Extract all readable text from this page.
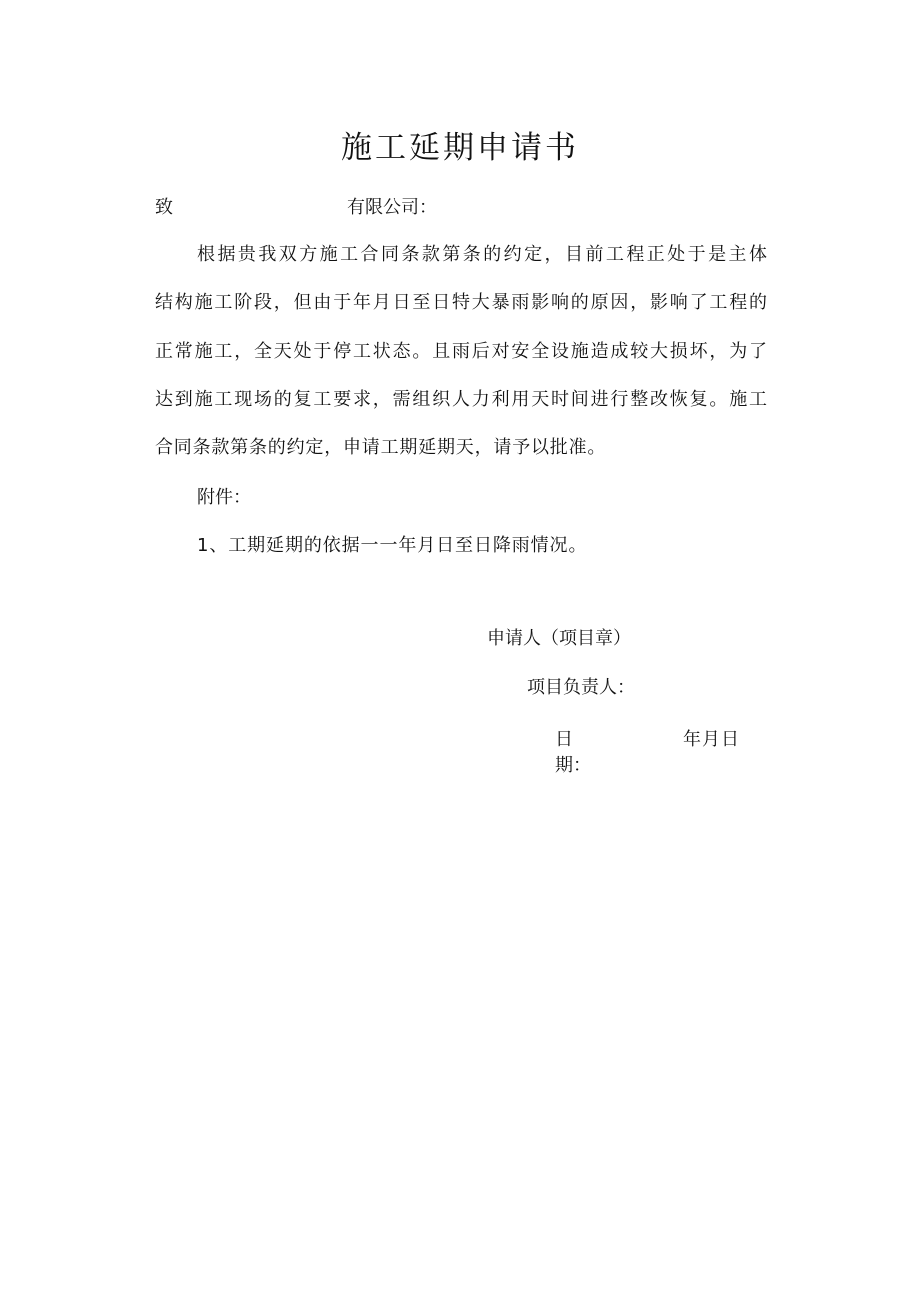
施工延期申请书
致	有限公司：
根据贵我双方施工合同条款第条的约定，目前工程正处于是主体
结构施工阶段，但由于年月日至日特大暴雨影响的原因，影响了工程的
正常施工，全天处于停工状态。且雨后对安全设施造成较大损坏，为了
达到施工现场的复工要求，需组织人力利用天时间进行整改恢复。施工
合同条款第条的约定，申请工期延期天，请予以批准。
附件：
1、工期延期的依据一一年月日至日降雨情况。
申请人（项目章）
项目负责人：
日
期：
年月日
